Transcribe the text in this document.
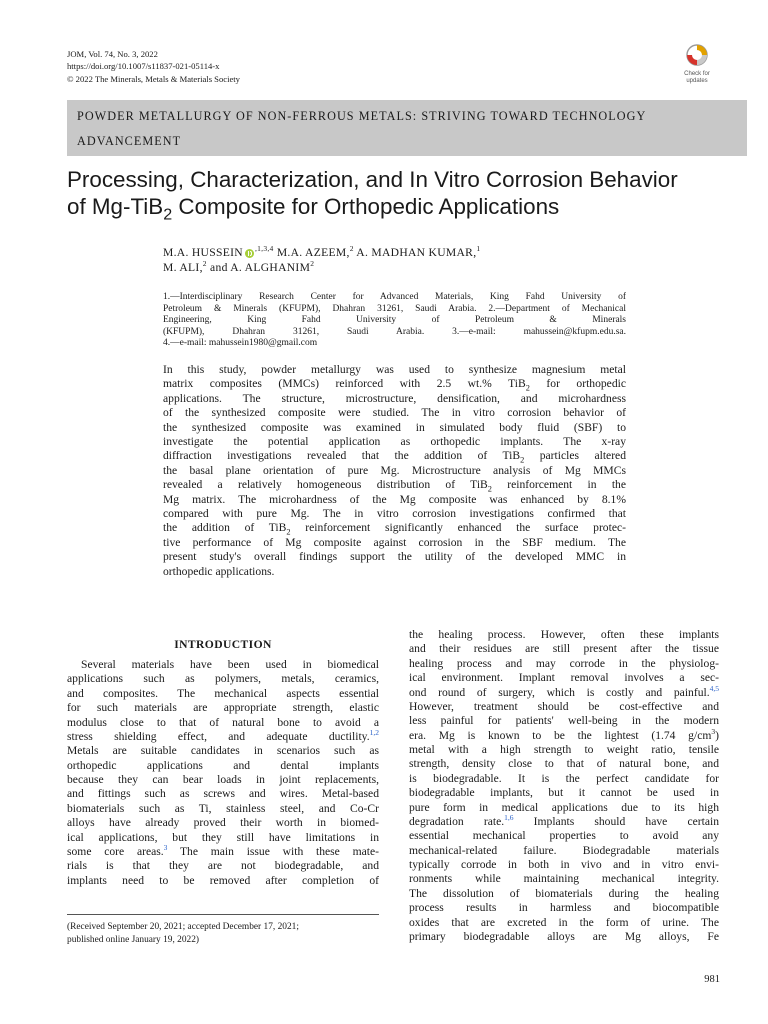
JOM, Vol. 74, No. 3, 2022
https://doi.org/10.1007/s11837-021-05114-x
© 2022 The Minerals, Metals & Materials Society	Check for
updates
POWDER METALLURGY OF NON-FERROUS METALS: STRIVING TOWARD TECHNOLOGY
ADVANCEMENT
Processing, Characterization, and In Vitro Corrosion Behavior
of Mg-TiB$_2$ Composite for Orthopedic Applications
M.A. HUSSEIN $^{,1,3,4}$ M.A. AZEEM,$^2$ A. MADHAN KUMAR,$^1$
M. ALI,$^2$ and A. ALGHANIM$^2$
1.—Interdisciplinary Research Center for Advanced Materials, King Fahd University of
Petroleum & Minerals (KFUPM), Dhahran 31261, Saudi Arabia. 2.—Department of Mechanical
Engineering, King Fahd University of Petroleum & Minerals
(KFUPM), Dhahran 31261, Saudi Arabia. 3.—e-mail: mahussein@kfupm.edu.sa.
4.—e-mail: mahussein1980@gmail.com
In this study, powder metallurgy was used to synthesize magnesium metal
matrix composites (MMCs) reinforced with 2.5 wt.% TiB$_2$ for orthopedic
applications. The structure, microstructure, densification, and microhardness
of the synthesized composite were studied. The in vitro corrosion behavior of
the synthesized composite was examined in simulated body fluid (SBF) to
investigate the potential application as orthopedic implants. The x-ray
diffraction investigations revealed that the addition of TiB$_2$ particles altered
the basal plane orientation of pure Mg. Microstructure analysis of Mg MMCs
revealed a relatively homogeneous distribution of TiB$_2$ reinforcement in the
Mg matrix. The microhardness of the Mg composite was enhanced by 8.1%
compared with pure Mg. The in vitro corrosion investigations confirmed that
the addition of TiB$_2$ reinforcement significantly enhanced the surface protec-
tive performance of Mg composite against corrosion in the SBF medium. The
present study's overall findings support the utility of the developed MMC in
orthopedic applications.
INTRODUCTION
Several materials have been used in biomedical
applications such as polymers, metals, ceramics,
and composites. The mechanical aspects essential
for such materials are appropriate strength, elastic
modulus close to that of natural bone to avoid a
stress shielding effect, and adequate ductility.$^{1,2}$
Metals are suitable candidates in scenarios such as
orthopedic applications and dental implants
because they can bear loads in joint replacements,
and fittings such as screws and wires. Metal-based
biomaterials such as Ti, stainless steel, and Co-Cr
alloys have already proved their worth in biomed-
ical applications, but they still have limitations in
some core areas.$^3$ The main issue with these mate-
rials is that they are not biodegradable, and
implants need to be removed after completion of
the healing process. However, often these implants
and their residues are still present after the tissue
healing process and may corrode in the physiolog-
ical environment. Implant removal involves a sec-
ond round of surgery, which is costly and painful.$^{4,5}$
However, treatment should be cost-effective and
less painful for patients' well-being in the modern
era. Mg is known to be the lightest (1.74 $g/cm^3$)
metal with a high strength to weight ratio, tensile
strength, density close to that of natural bone, and
is biodegradable. It is the perfect candidate for
biodegradable implants, but it cannot be used in
pure form in medical applications due to its high
degradation rate.$^{1,6}$ Implants should have certain
essential mechanical properties to avoid any
mechanical-related failure. Biodegradable materials
typically corrode in both in vivo and in vitro envi-
ronments while maintaining mechanical integrity.
The dissolution of biomaterials during the healing
process results in harmless and biocompatible
oxides that are excreted in the form of urine. The
primary biodegradable alloys are Mg alloys, Fe
(Received September 20, 2021; accepted December 17, 2021;
published online January 19, 2022)
981
